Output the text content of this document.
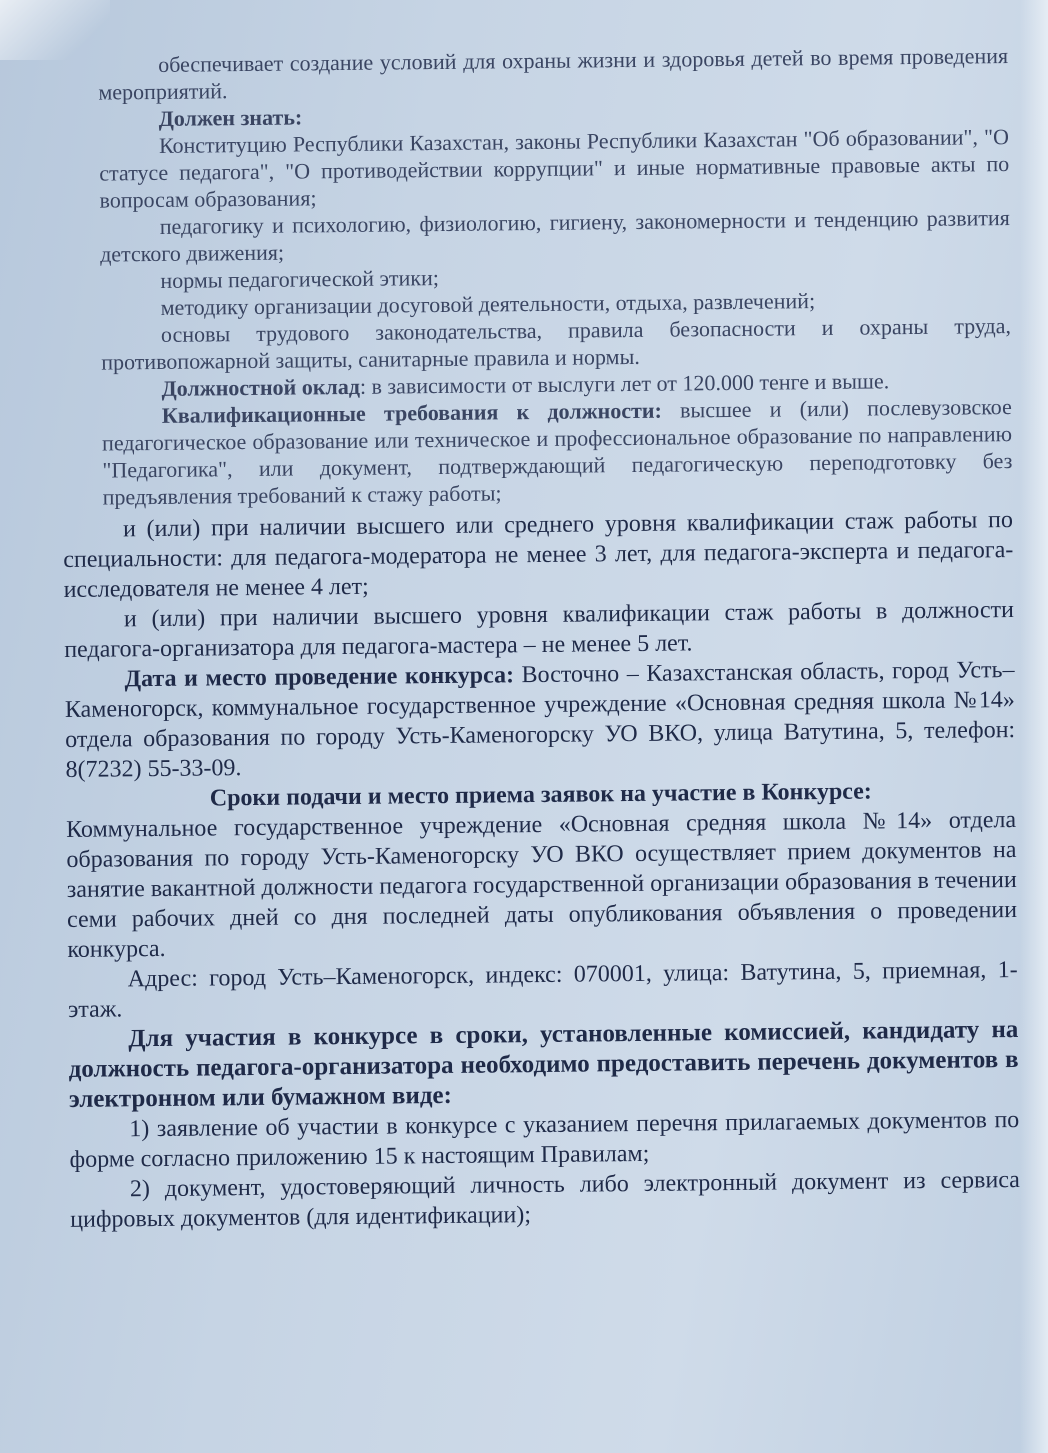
обеспечивает создание условий для охраны жизни и здоровья детей во время проведения мероприятий.

Должен знать:

Конституцию Республики Казахстан, законы Республики Казахстан "Об образовании", "О статусе педагога", "О противодействии коррупции" и иные нормативные правовые акты по вопросам образования;

педагогику и психологию, физиологию, гигиену, закономерности и тенденцию развития детского движения;

нормы педагогической этики;

методику организации досуговой деятельности, отдыха, развлечений;

основы трудового законодательства, правила безопасности и охраны труда, противопожарной защиты, санитарные правила и нормы.

Должностной оклад: в зависимости от выслуги лет от 120.000 тенге и выше.

Квалификационные требования к должности: высшее и (или) послевузовское педагогическое образование или техническое и профессиональное образование по направлению "Педагогика", или документ, подтверждающий педагогическую переподготовку без предъявления требований к стажу работы;

и (или) при наличии высшего или среднего уровня квалификации стаж работы по специальности: для педагога-модератора не менее 3 лет, для педагога-эксперта и педагога-исследователя не менее 4 лет;

и (или) при наличии высшего уровня квалификации стаж работы в должности педагога-организатора для педагога-мастера – не менее 5 лет.

Дата и место проведение конкурса: Восточно – Казахстанская область, город Усть–Каменогорск, коммунальное государственное учреждение «Основная средняя школа №14» отдела образования по городу Усть-Каменогорску УО ВКО, улица Ватутина, 5, телефон: 8(7232) 55-33-09.

Сроки подачи и место приема заявок на участие в Конкурсе:

Коммунальное государственное учреждение «Основная средняя школа №14» отдела образования по городу Усть-Каменогорску УО ВКО осуществляет прием документов на занятие вакантной должности педагога государственной организации образования в течении семи рабочих дней со дня последней даты опубликования объявления о проведении конкурса.

Адрес: город Усть–Каменогорск, индекс: 070001, улица: Ватутина, 5, приемная, 1- этаж.

Для участия в конкурсе в сроки, установленные комиссией, кандидату на должность педагога-организатора необходимо предоставить перечень документов в электронном или бумажном виде:

1) заявление об участии в конкурсе с указанием перечня прилагаемых документов по форме согласно приложению 15 к настоящим Правилам;

2) документ, удостоверяющий личность либо электронный документ из сервиса цифровых документов (для идентификации);
